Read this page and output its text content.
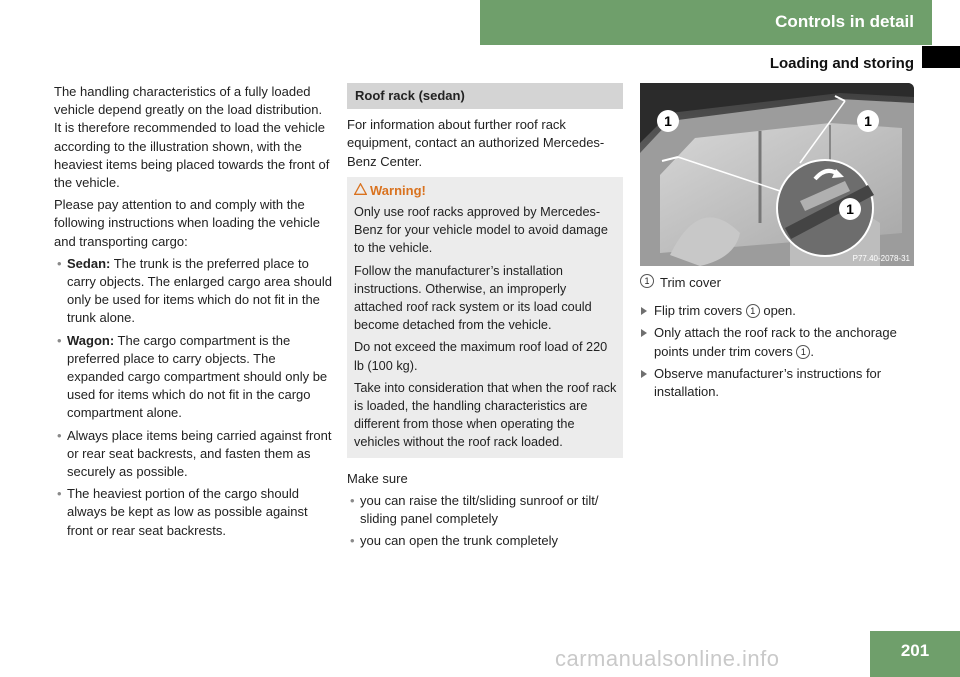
Controls in detail
Loading and storing

The handling characteristics of a fully loaded vehicle depend greatly on the load distribution. It is therefore recommended to load the vehicle according to the illustration shown, with the heaviest items being placed towards the front of the vehicle.

Please pay attention to and comply with the following instructions when loading the vehicle and transporting cargo:

• Sedan: The trunk is the preferred place to carry objects. The enlarged cargo area should only be used for items which do not fit in the trunk alone.
• Wagon: The cargo compartment is the preferred place to carry objects. The expanded cargo compartment should only be used for items which do not fit in the cargo compartment alone.
• Always place items being carried against front or rear seat backrests, and fasten them as securely as possible.
• The heaviest portion of the cargo should always be kept as low as possible against front or rear seat backrests.
Roof rack (sedan)

For information about further roof rack equipment, contact an authorized Mercedes-Benz Center.

Warning!

Only use roof racks approved by Mercedes-Benz for your vehicle model to avoid damage to the vehicle.

Follow the manufacturer’s installation instructions. Otherwise, an improperly attached roof rack system or its load could become detached from the vehicle.

Do not exceed the maximum roof load of 220 lb (100 kg).

Take into consideration that when the roof rack is loaded, the handling characteristics are different from those when operating the vehicles without the roof rack loaded.

Make sure

• you can raise the tilt/sliding sunroof or tilt/ sliding panel completely
• you can open the trunk completely
1	1
1
P77.40-2078-31
1 Trim cover
Flip trim covers 1 open.
Only attach the roof rack to the anchorage points under trim covers 1 .
Observe manufacturer’s instructions for installation.
carmanualsonline.info	201
